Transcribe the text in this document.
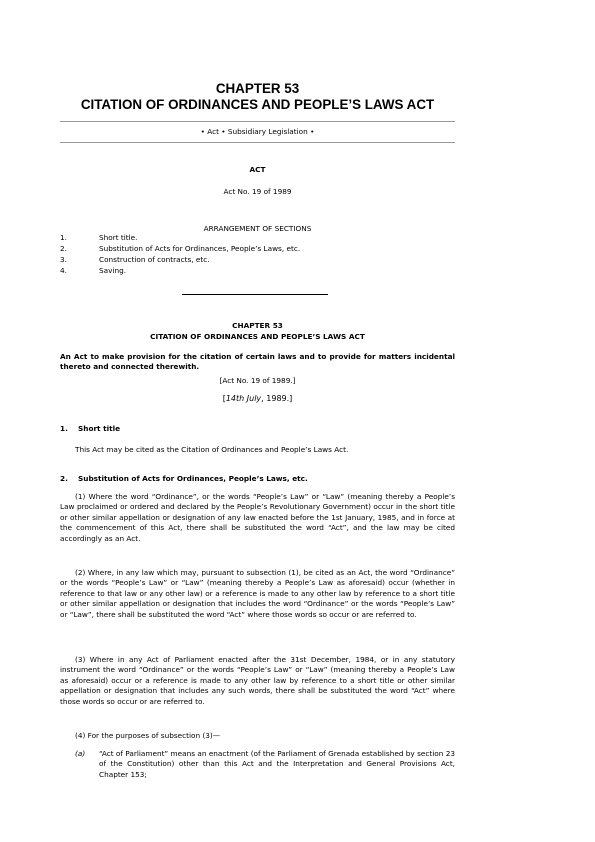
CHAPTER 53
CITATION OF ORDINANCES AND PEOPLE’S LAWS ACT
• Act • Subsidiary Legislation •
ACT
Act No. 19 of 1989
ARRANGEMENT OF SECTIONS
1.	Short title.
2.	Substitution of Acts for Ordinances, People’s Laws, etc.
3.	Construction of contracts, etc.
4.	Saving.
CHAPTER 53
CITATION OF ORDINANCES AND PEOPLE’S LAWS ACT
An Act to make provision for the citation of certain laws and to provide for matters incidental thereto and connected therewith.
[Act No. 19 of 1989.]
[14th July, 1989.]
1. Short title
This Act may be cited as the Citation of Ordinances and People’s Laws Act.
2. Substitution of Acts for Ordinances, People’s Laws, etc.
(1) Where the word “Ordinance”, or the words “People’s Law” or “Law” (meaning thereby a People’s Law proclaimed or ordered and declared by the People’s Revolutionary Government) occur in the short title or other similar appellation or designation of any law enacted before the 1st January, 1985, and in force at the commencement of this Act, there shall be substituted the word “Act”, and the law may be cited accordingly as an Act.
(2) Where, in any law which may, pursuant to subsection (1), be cited as an Act, the word “Ordinance” or the words “People’s Law” or “Law” (meaning thereby a People’s Law as aforesaid) occur (whether in reference to that law or any other law) or a reference is made to any other law by reference to a short title or other similar appellation or designation that includes the word “Ordinance” or the words “People’s Law” or “Law”, there shall be substituted the word “Act” where those words so occur or are referred to.
(3) Where in any Act of Parliament enacted after the 31st December, 1984, or in any statutory instrument the word “Ordinance” or the words “People’s Law” or “Law” (meaning thereby a People’s Law as aforesaid) occur or a reference is made to any other law by reference to a short title or other similar appellation or designation that includes any such words, there shall be substituted the word “Act” where those words so occur or are referred to.
(4) For the purposes of subsection (3)—
(a) “Act of Parliament” means an enactment (of the Parliament of Grenada established by section 23 of the Constitution) other than this Act and the Interpretation and General Provisions Act, Chapter 153;
